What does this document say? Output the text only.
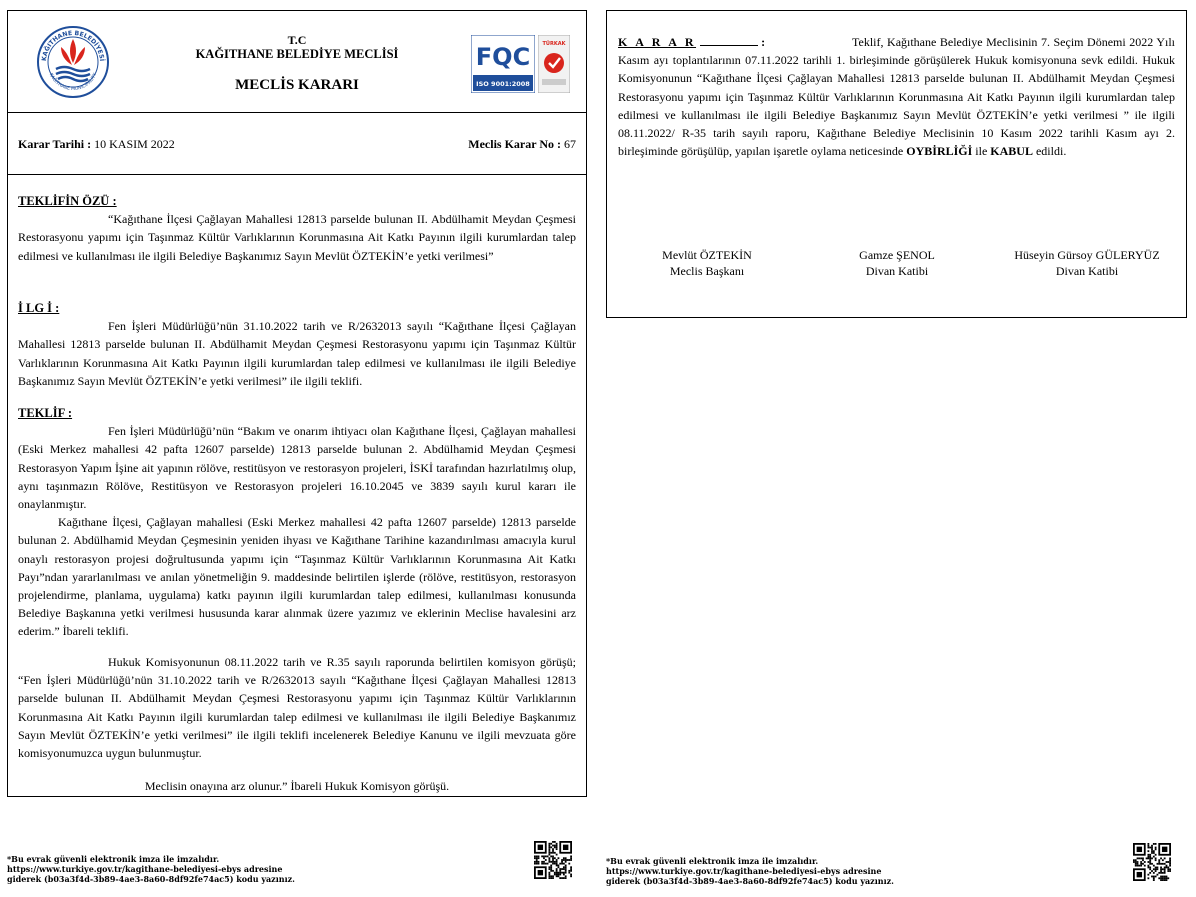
KAĞITHANE BELEDİYESİ
KAĞITHANE MUNICIPALITY
T.C
KAĞITHANE BELEDİYE MECLİSİ
MECLİS KARARI
FQC
ISO 9001:2008
TÜRKAK
Karar Tarihi : 10 KASIM 2022	Meclis Karar No : 67
TEKLİFİN ÖZÜ :

“Kağıthane İlçesi Çağlayan Mahallesi 12813 parselde bulunan II. Abdülhamit Meydan Çeşmesi Restorasyonu yapımı için Taşınmaz Kültür Varlıklarının Korunmasına Ait Katkı Payının ilgili kurumlardan talep edilmesi ve kullanılması ile ilgili Belediye Başkanımız Sayın Mevlüt ÖZTEKİN’e yetki verilmesi”

İ LG İ :

Fen İşleri Müdürlüğü’nün 31.10.2022 tarih ve R/2632013 sayılı “Kağıthane İlçesi Çağlayan Mahallesi 12813 parselde bulunan II. Abdülhamit Meydan Çeşmesi Restorasyonu yapımı için Taşınmaz Kültür Varlıklarının Korunmasına Ait Katkı Payının ilgili kurumlardan talep edilmesi ve kullanılması ile ilgili Belediye Başkanımız Sayın Mevlüt ÖZTEKİN’e yetki verilmesi” ile ilgili teklifi.

TEKLİF :

Fen İşleri Müdürlüğü’nün “Bakım ve onarım ihtiyacı olan Kağıthane İlçesi, Çağlayan mahallesi (Eski Merkez mahallesi 42 pafta 12607 parselde) 12813 parselde bulunan 2. Abdülhamid Meydan Çeşmesi Restorasyon Yapım İşine ait yapının rölöve, restitüsyon ve restorasyon projeleri, İSKİ tarafından hazırlatılmış olup, aynı taşınmazın Rölöve, Restitüsyon ve Restorasyon projeleri 16.10.2045 ve 3839 sayılı kurul kararı ile onaylanmıştır.

Kağıthane İlçesi, Çağlayan mahallesi (Eski Merkez mahallesi 42 pafta 12607 parselde) 12813 parselde bulunan 2. Abdülhamid Meydan Çeşmesinin yeniden ihyası ve Kağıthane Tarihine kazandırılması amacıyla kurul onaylı restorasyon projesi doğrultusunda yapımı için “Taşınmaz Kültür Varlıklarının Korunmasına Ait Katkı Payı”ndan yararlanılması ve anılan yönetmeliğin 9. maddesinde belirtilen işlerde (rölöve, restitüsyon, restorasyon projelendirme, planlama, uygulama) katkı payının ilgili kurumlardan talep edilmesi, kullanılması konusunda Belediye Başkanına yetki verilmesi hususunda karar alınmak üzere yazımız ve eklerinin Meclise havalesini arz ederim.” İbareli teklifi.

Hukuk Komisyonunun 08.11.2022 tarih ve R.35 sayılı raporunda belirtilen komisyon görüşü; “Fen İşleri Müdürlüğü’nün 31.10.2022 tarih ve R/2632013 sayılı “Kağıthane İlçesi Çağlayan Mahallesi 12813 parselde bulunan II. Abdülhamit Meydan Çeşmesi Restorasyonu yapımı için Taşınmaz Kültür Varlıklarının Korunmasına Ait Katkı Payının ilgili kurumlardan talep edilmesi ve kullanılması ile ilgili Belediye Başkanımız Sayın Mevlüt ÖZTEKİN’e yetki verilmesi” ile ilgili teklifi incelenerek Belediye Kanunu ve ilgili mevzuata göre komisyonumuzca uygun bulunmuştur.

Meclisin onayına arz olunur.” İbareli Hukuk Komisyon görüşü.
K A R A R	:	Teklif, Kağıthane Belediye Meclisinin 7. Seçim Dönemi 2022 Yılı Kasım ayı toplantılarının 07.11.2022 tarihli 1. birleşiminde görüşülerek Hukuk komisyonuna sevk edildi. Hukuk Komisyonunun “Kağıthane İlçesi Çağlayan Mahallesi 12813 parselde bulunan II. Abdülhamit Meydan Çeşmesi Restorasyonu yapımı için Taşınmaz Kültür Varlıklarının Korunmasına Ait Katkı Payının ilgili kurumlardan talep edilmesi ve kullanılması ile ilgili Belediye Başkanımız Sayın Mevlüt ÖZTEKİN’e yetki verilmesi ” ile ilgili 08.11.2022/ R-35 tarih sayılı raporu, Kağıthane Belediye Meclisinin 10 Kasım 2022 tarihli Kasım ayı 2. birleşiminde görüşülüp, yapılan işaretle oylama neticesinde OYBİRLİĞİ ile KABUL edildi.
Mevlüt ÖZTEKİN
Meclis Başkanı
Gamze ŞENOL
Divan Katibi
Hüseyin Gürsoy GÜLERYÜZ
Divan Katibi
*Bu evrak güvenli elektronik imza ile imzalıdır.
https://www.turkiye.gov.tr/kagithane-belediyesi-ebys adresine
giderek (b03a3f4d-3b89-4ae3-8a60-8df92fe74ac5) kodu yazınız.
*Bu evrak güvenli elektronik imza ile imzalıdır.
https://www.turkiye.gov.tr/kagithane-belediyesi-ebys adresine
giderek (b03a3f4d-3b89-4ae3-8a60-8df92fe74ac5) kodu yazınız.
